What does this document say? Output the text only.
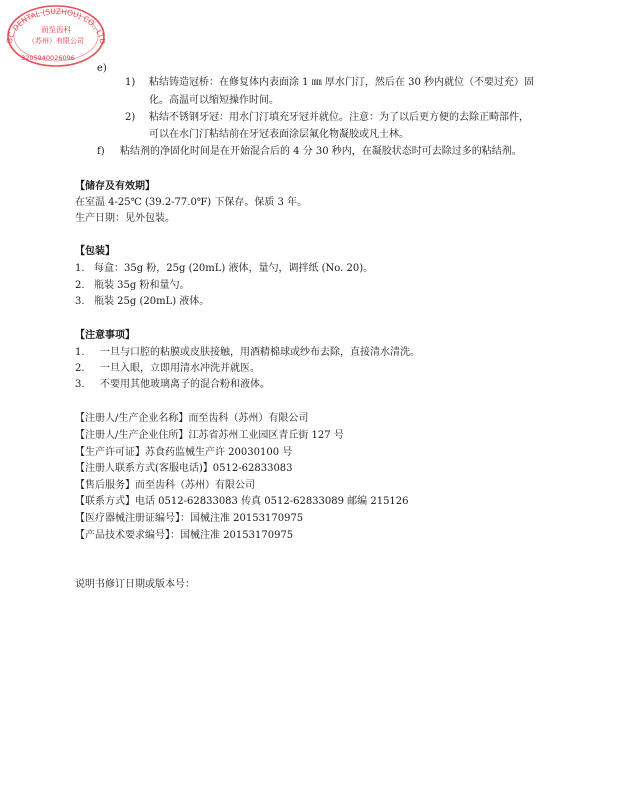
GC DENTAL (SUZHOU) CO., LTD
而至齿科
（苏州）有限公司
3205940026096
e)
1) 粘结铸造冠桥：在修复体内表面涂 1 ㎜ 厚水门汀，然后在 30 秒内就位（不要过充）固
化。高温可以缩短操作时间。
2) 粘结不锈钢牙冠：用水门汀填充牙冠并就位。注意：为了以后更方便的去除正畸部件，
可以在水门汀粘结前在牙冠表面涂层氟化物凝胶或凡士林。
f) 粘结剂的净固化时间是在开始混合后的 4 分 30 秒内，在凝胶状态时可去除过多的粘结剂。
【储存及有效期】
在室温 4-25℃ (39.2-77.0℉) 下保存。保质 3 年。
生产日期：见外包装。
【包装】
1. 每盒：35g 粉，25g (20mL) 液体，量勺，调拌纸 (No. 20)。
2. 瓶装 35g 粉和量勺。
3. 瓶装 25g (20mL) 液体。
【注意事项】
1. 一旦与口腔的粘膜或皮肤接触，用酒精棉球或纱布去除，直接清水清洗。
2. 一旦入眼，立即用清水冲洗并就医。
3. 不要用其他玻璃离子的混合粉和液体。
【注册人/生产企业名称】而至齿科（苏州）有限公司
【注册人/生产企业住所】江苏省苏州工业园区青丘街 127 号
【生产许可证】苏食药监械生产许 20030100 号
【注册人联系方式(客服电话)】0512-62833083
【售后服务】而至齿科（苏州）有限公司
【联系方式】电话 0512-62833083 传真 0512-62833089 邮编 215126
【医疗器械注册证编号】：国械注准 20153170975
【产品技术要求编号】：国械注准 20153170975
说明书修订日期或版本号：
